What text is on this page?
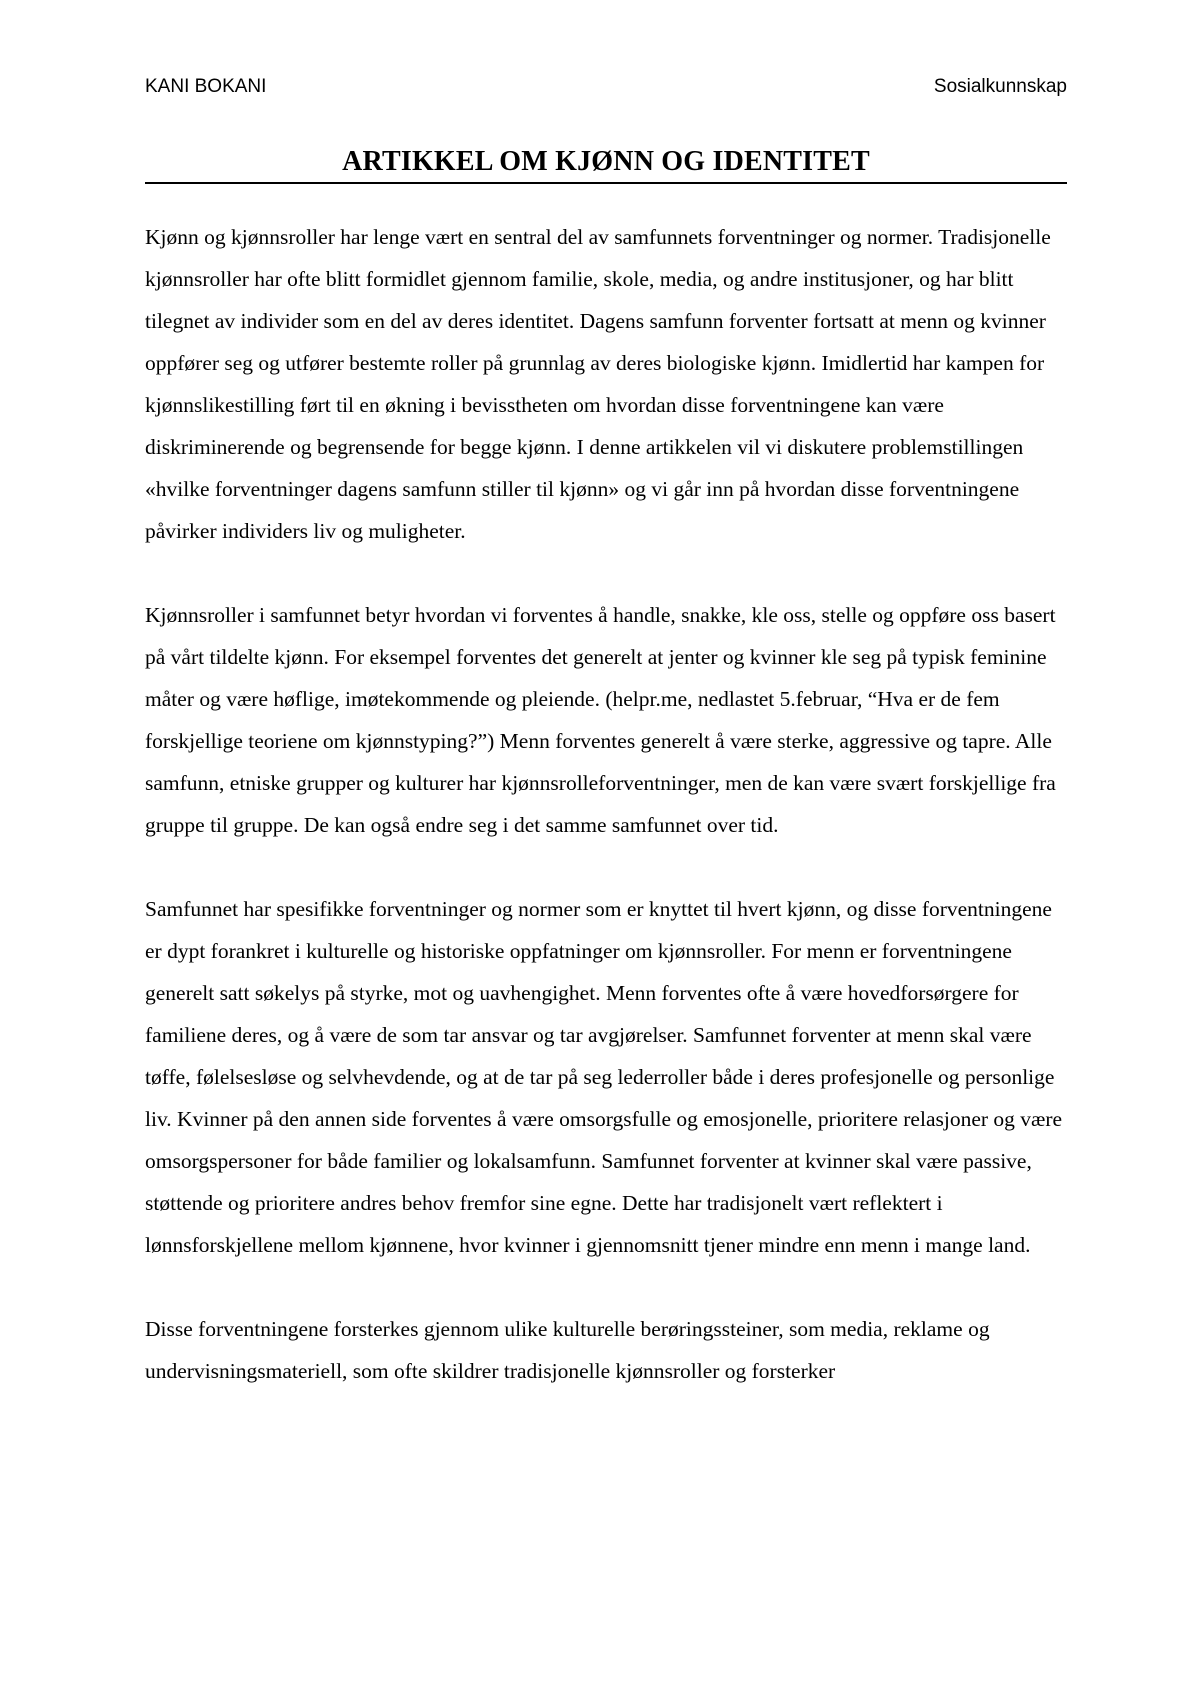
KANI BOKANI	Sosialkunnskap
ARTIKKEL OM KJØNN OG IDENTITET

Kjønn og kjønnsroller har lenge vært en sentral del av samfunnets forventninger og normer. Tradisjonelle kjønnsroller har ofte blitt formidlet gjennom familie, skole, media, og andre institusjoner, og har blitt tilegnet av individer som en del av deres identitet. Dagens samfunn forventer fortsatt at menn og kvinner oppfører seg og utfører bestemte roller på grunnlag av deres biologiske kjønn. Imidlertid har kampen for kjønnslikestilling ført til en økning i bevisstheten om hvordan disse forventningene kan være diskriminerende og begrensende for begge kjønn. I denne artikkelen vil vi diskutere problemstillingen «hvilke forventninger dagens samfunn stiller til kjønn» og vi går inn på hvordan disse forventningene påvirker individers liv og muligheter.

Kjønnsroller i samfunnet betyr hvordan vi forventes å handle, snakke, kle oss, stelle og oppføre oss basert på vårt tildelte kjønn. For eksempel forventes det generelt at jenter og kvinner kle seg på typisk feminine måter og være høflige, imøtekommende og pleiende. (helpr.me, nedlastet 5.februar, “Hva er de fem forskjellige teoriene om kjønnstyping?”) Menn forventes generelt å være sterke, aggressive og tapre. Alle samfunn, etniske grupper og kulturer har kjønnsrolleforventninger, men de kan være svært forskjellige fra gruppe til gruppe. De kan også endre seg i det samme samfunnet over tid.

Samfunnet har spesifikke forventninger og normer som er knyttet til hvert kjønn, og disse forventningene er dypt forankret i kulturelle og historiske oppfatninger om kjønnsroller. For menn er forventningene generelt satt søkelys på styrke, mot og uavhengighet. Menn forventes ofte å være hovedforsørgere for familiene deres, og å være de som tar ansvar og tar avgjørelser. Samfunnet forventer at menn skal være tøffe, følelsesløse og selvhevdende, og at de tar på seg lederroller både i deres profesjonelle og personlige liv. Kvinner på den annen side forventes å være omsorgsfulle og emosjonelle, prioritere relasjoner og være omsorgspersoner for både familier og lokalsamfunn. Samfunnet forventer at kvinner skal være passive, støttende og prioritere andres behov fremfor sine egne. Dette har tradisjonelt vært reflektert i lønnsforskjellene mellom kjønnene, hvor kvinner i gjennomsnitt tjener mindre enn menn i mange land.

Disse forventningene forsterkes gjennom ulike kulturelle berøringssteiner, som media, reklame og undervisningsmateriell, som ofte skildrer tradisjonelle kjønnsroller og forsterker
